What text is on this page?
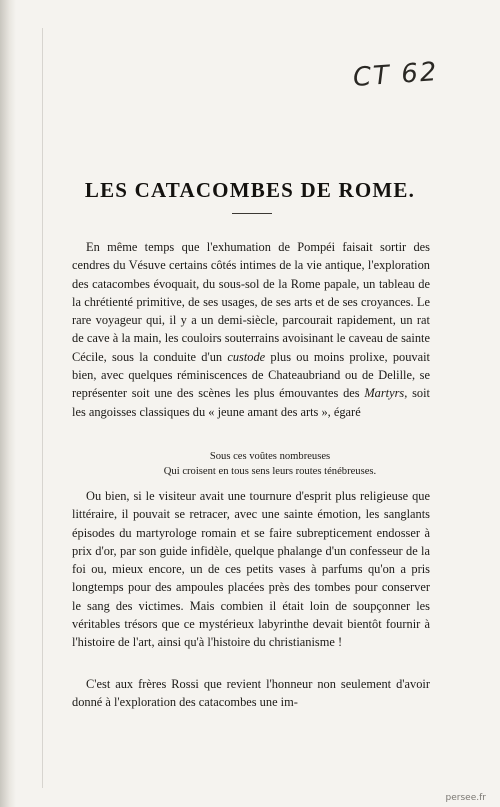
CT 62
LES CATACOMBES DE ROME.
En même temps que l'exhumation de Pompéi faisait sortir des cendres du Vésuve certains côtés intimes de la vie antique, l'exploration des catacombes évoquait, du sous-sol de la Rome papale, un tableau de la chrétienté primitive, de ses usages, de ses arts et de ses croyances. Le rare voyageur qui, il y a un demi-siècle, parcourait rapidement, un rat de cave à la main, les couloirs souterrains avoisinant le caveau de sainte Cécile, sous la conduite d'un custode plus ou moins prolixe, pouvait bien, avec quelques réminiscences de Chateaubriand ou de Delille, se représenter soit une des scènes les plus émouvantes des Martyrs, soit les angoisses classiques du « jeune amant des arts », égaré
Sous ces voûtes nombreuses
Qui croisent en tous sens leurs routes ténébreuses.
Ou bien, si le visiteur avait une tournure d'esprit plus religieuse que littéraire, il pouvait se retracer, avec une sainte émotion, les sanglants épisodes du martyrologe romain et se faire subrepticement endosser à prix d'or, par son guide infidèle, quelque phalange d'un confesseur de la foi ou, mieux encore, un de ces petits vases à parfums qu'on a pris longtemps pour des ampoules placées près des tombes pour conserver le sang des victimes. Mais combien il était loin de soupçonner les véritables trésors que ce mystérieux labyrinthe devait bientôt fournir à l'histoire de l'art, ainsi qu'à l'histoire du christianisme !
C'est aux frères Rossi que revient l'honneur non seulement d'avoir donné à l'exploration des catacombes une im-
persee.fr
